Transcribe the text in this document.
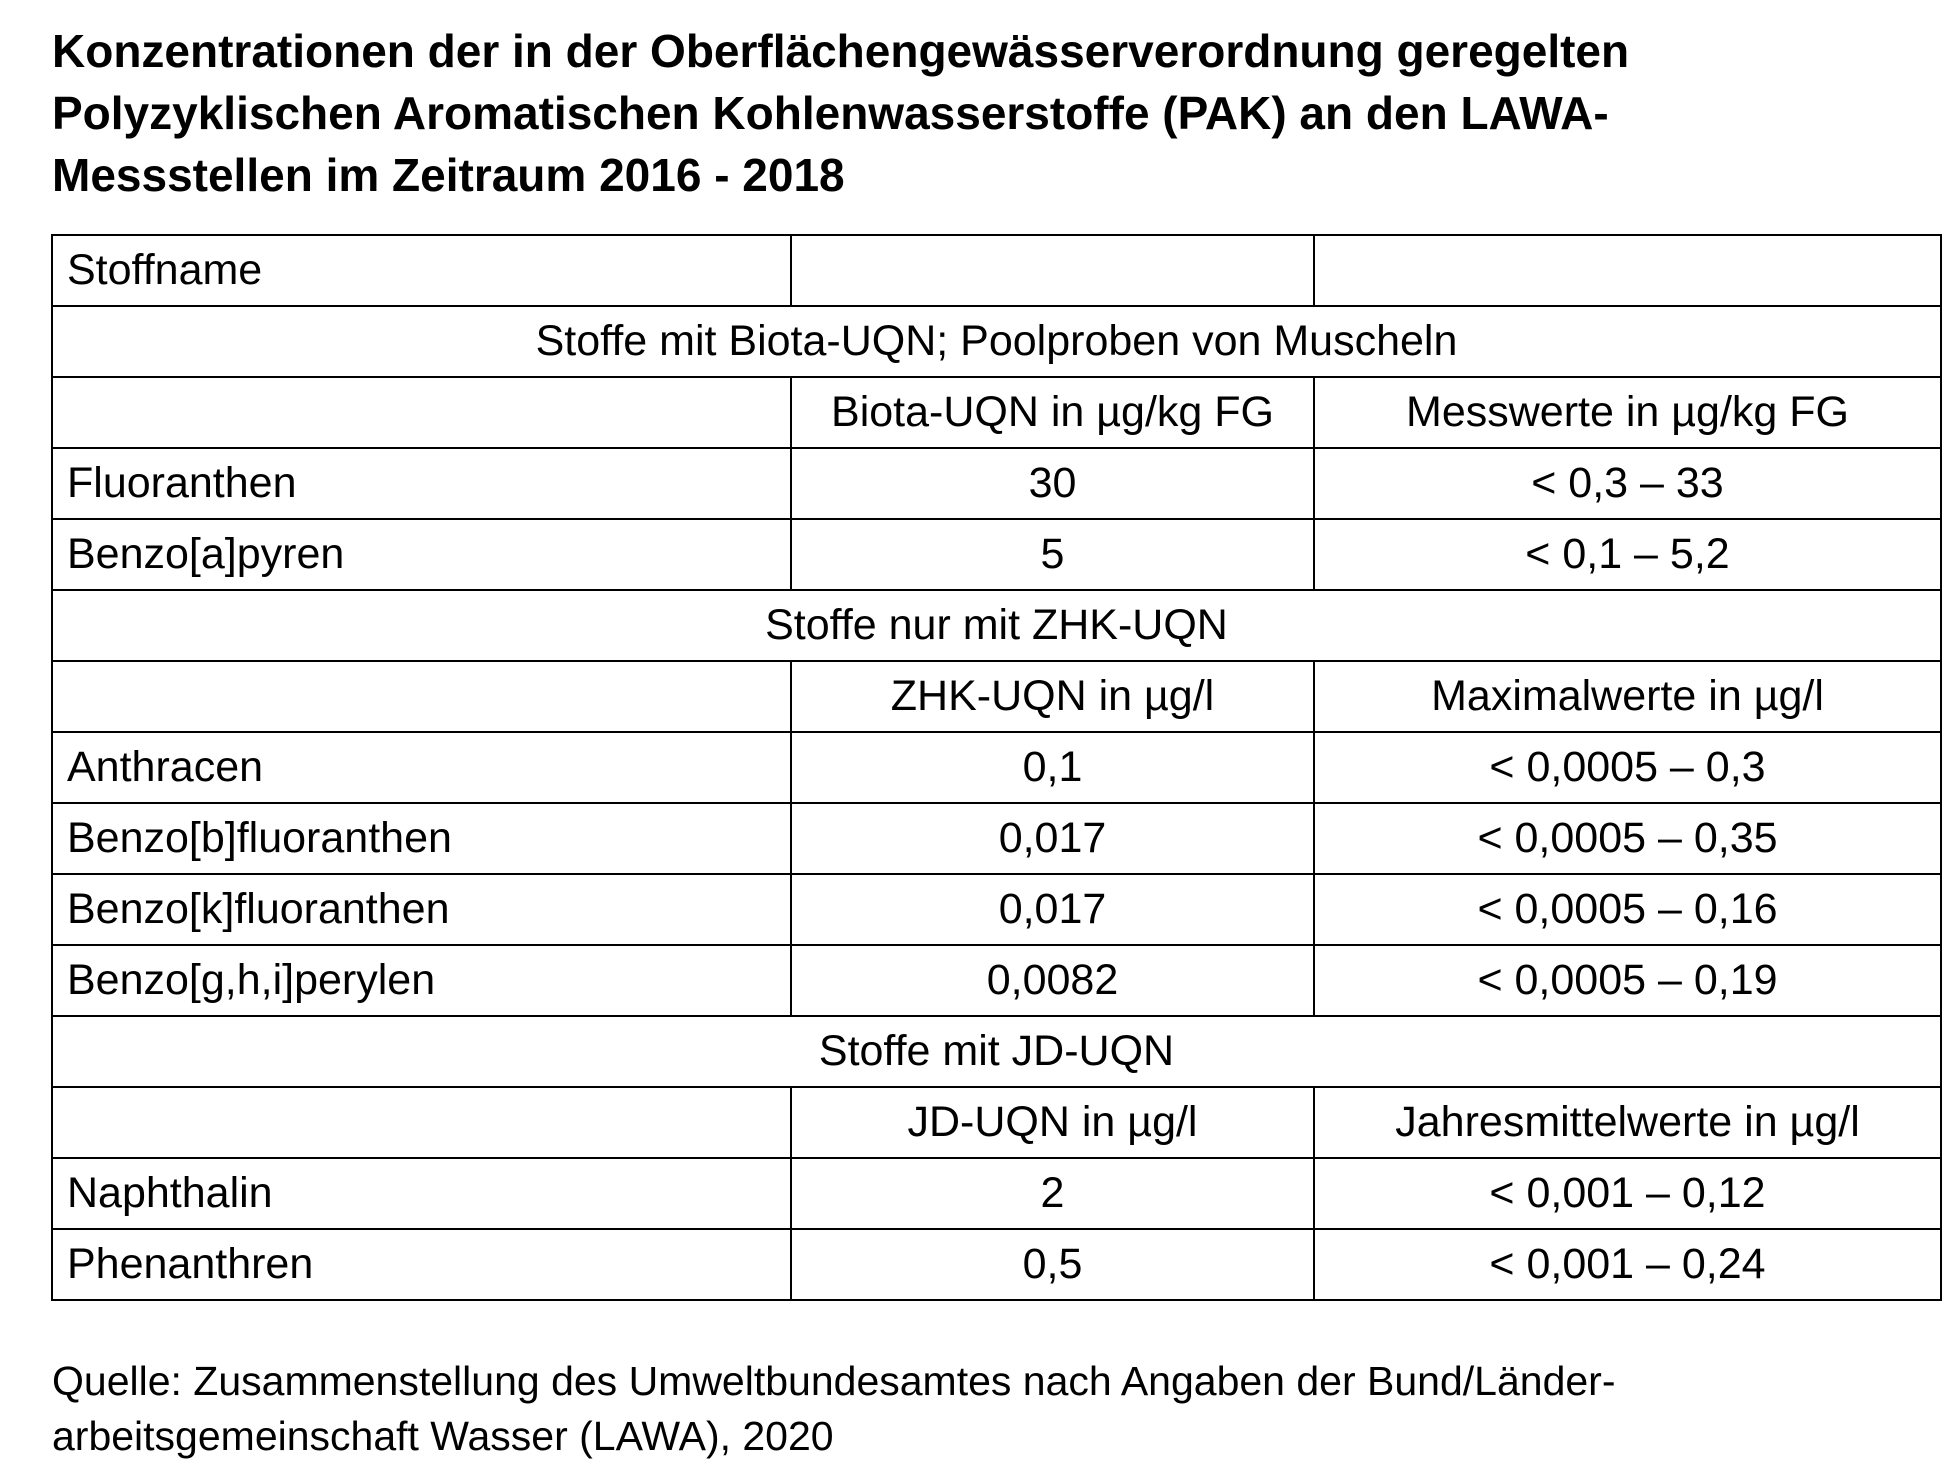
Konzentrationen der in der Oberflächengewässerverordnung geregelten
Polyzyklischen Aromatischen Kohlenwasserstoffe (PAK) an den LAWA-
Messstellen im Zeitraum 2016 - 2018
Stoffname		
Stoffe mit Biota-UQN; Poolproben von Muscheln		
	Biota-UQN in µg/kg FG	Messwerte in µg/kg FG
Fluoranthen	30	< 0,3 – 33
Benzo[a]pyren	5	< 0,1 – 5,2
Stoffe nur mit ZHK-UQN		
	ZHK-UQN in µg/l	Maximalwerte in µg/l
Anthracen	0,1	< 0,0005 – 0,3
Benzo[b]fluoranthen	0,017	< 0,0005 – 0,35
Benzo[k]fluoranthen	0,017	< 0,0005 – 0,16
Benzo[g,h,i]perylen	0,0082	< 0,0005 – 0,19
Stoffe mit JD-UQN		
	JD-UQN in µg/l	Jahresmittelwerte in µg/l
Naphthalin	2	< 0,001 – 0,12
Phenanthren	0,5	< 0,001 – 0,24

Quelle: Zusammenstellung des Umweltbundesamtes nach Angaben der Bund/Länder-
arbeitsgemeinschaft Wasser (LAWA), 2020
